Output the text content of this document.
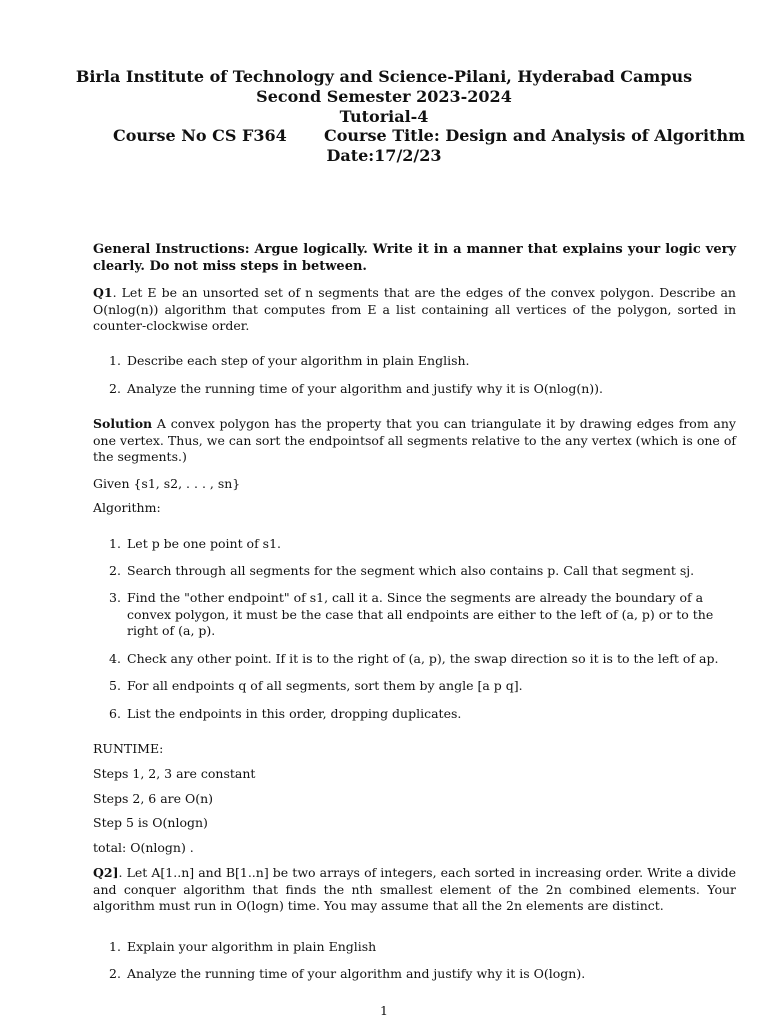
Birla Institute of Technology and Science-Pilani, Hyderabad Campus
Second Semester 2023-2024
Tutorial-4
Course No CS F364 Course Title: Design and Analysis of Algorithm
Date:17/2/23
General Instructions: Argue logically. Write it in a manner that explains your logic very clearly. Do not miss steps in between.
Q1. Let E be an unsorted set of n segments that are the edges of the convex polygon. Describe an O(nlog(n)) algorithm that computes from E a list containing all vertices of the polygon, sorted in counter-clockwise order.
1. Describe each step of your algorithm in plain English.
2. Analyze the running time of your algorithm and justify why it is O(nlog(n)).
Solution A convex polygon has the property that you can triangulate it by drawing edges from any one vertex. Thus, we can sort the endpointsof all segments relative to the any vertex (which is one of the segments.)
Given {s1, s2, . . . , sn}
Algorithm:
1. Let p be one point of s1.
2. Search through all segments for the segment which also contains p. Call that segment sj.
3. Find the "other endpoint" of s1, call it a. Since the segments are already the boundary of a convex polygon, it must be the case that all endpoints are either to the left of (a, p) or to the right of (a, p).
4. Check any other point. If it is to the right of (a, p), the swap direction so it is to the left of ap.
5. For all endpoints q of all segments, sort them by angle [a p q].
6. List the endpoints in this order, dropping duplicates.
RUNTIME:
Steps 1, 2, 3 are constant
Steps 2, 6 are O(n)
Step 5 is O(nlogn)
total: O(nlogn) .
Q2]. Let A[1..n] and B[1..n] be two arrays of integers, each sorted in increasing order. Write a divide and conquer algorithm that finds the nth smallest element of the 2n combined elements. Your algorithm must run in O(logn) time. You may assume that all the 2n elements are distinct.
1. Explain your algorithm in plain English
2. Analyze the running time of your algorithm and justify why it is O(logn).
1
